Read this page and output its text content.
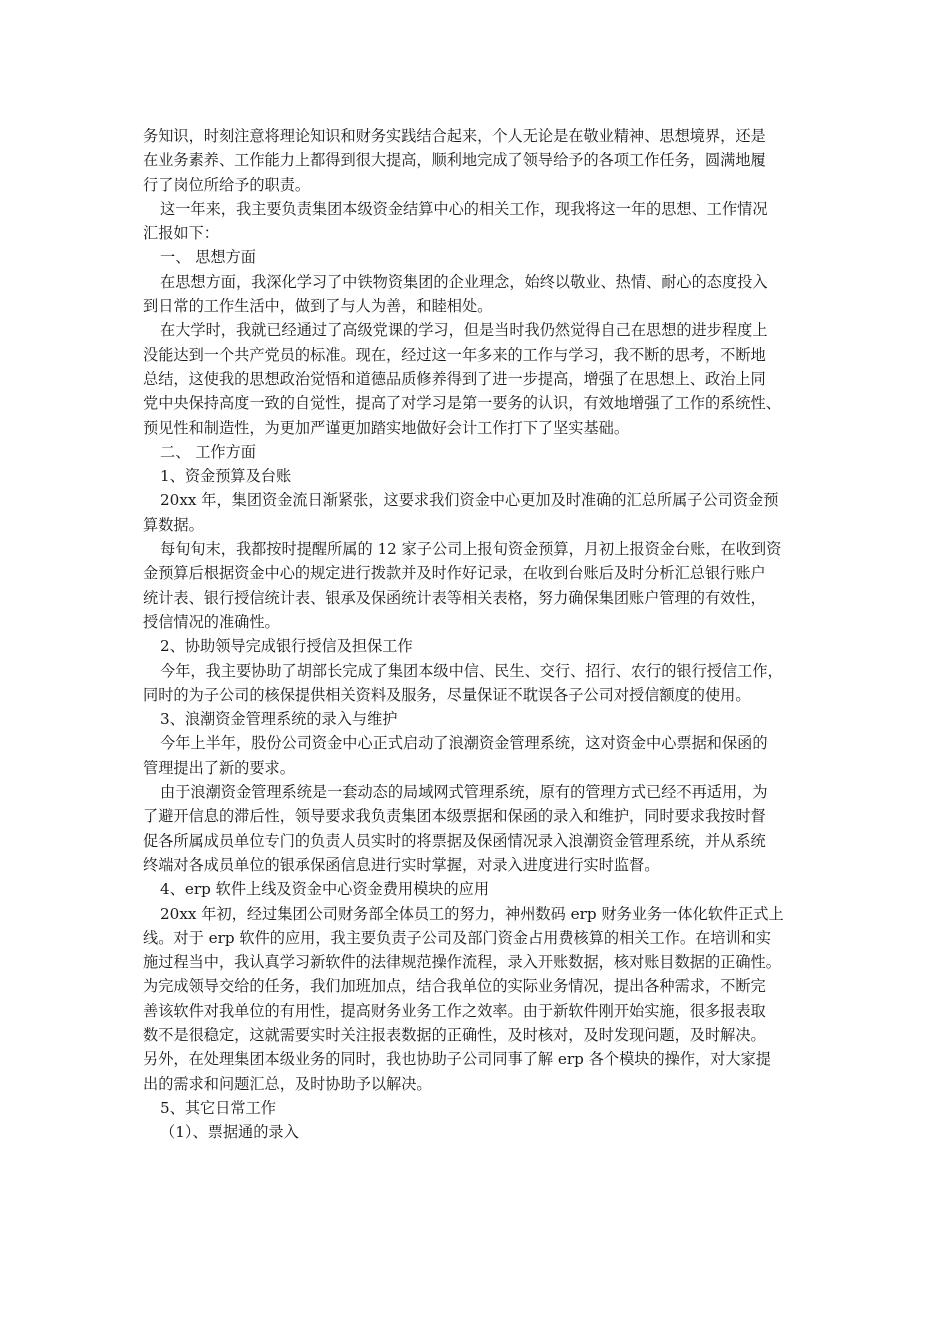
务知识，时刻注意将理论知识和财务实践结合起来，个人无论是在敬业精神、思想境界，还是
在业务素养、工作能力上都得到很大提高，顺利地完成了领导给予的各项工作任务，圆满地履
行了岗位所给予的职责。
这一年来，我主要负责集团本级资金结算中心的相关工作，现我将这一年的思想、工作情况
汇报如下：
一、 思想方面
在思想方面，我深化学习了中铁物资集团的企业理念，始终以敬业、热情、耐心的态度投入
到日常的工作生活中，做到了与人为善，和睦相处。
在大学时，我就已经通过了高级党课的学习，但是当时我仍然觉得自己在思想的进步程度上
没能达到一个共产党员的标准。现在，经过这一年多来的工作与学习，我不断的思考，不断地
总结，这使我的思想政治觉悟和道德品质修养得到了进一步提高，增强了在思想上、政治上同
党中央保持高度一致的自觉性，提高了对学习是第一要务的认识，有效地增强了工作的系统性、
预见性和制造性，为更加严谨更加踏实地做好会计工作打下了坚实基础。
二、 工作方面
1、资金预算及台账
20xx 年，集团资金流日渐紧张，这要求我们资金中心更加及时准确的汇总所属子公司资金预
算数据。
每旬旬末，我都按时提醒所属的 12 家子公司上报旬资金预算，月初上报资金台账，在收到资
金预算后根据资金中心的规定进行拨款并及时作好记录，在收到台账后及时分析汇总银行账户
统计表、银行授信统计表、银承及保函统计表等相关表格，努力确保集团账户管理的有效性，
授信情况的准确性。
2、协助领导完成银行授信及担保工作
今年，我主要协助了胡部长完成了集团本级中信、民生、交行、招行、农行的银行授信工作，
同时的为子公司的核保提供相关资料及服务，尽量保证不耽误各子公司对授信额度的使用。
3、浪潮资金管理系统的录入与维护
今年上半年，股份公司资金中心正式启动了浪潮资金管理系统，这对资金中心票据和保函的
管理提出了新的要求。
由于浪潮资金管理系统是一套动态的局域网式管理系统，原有的管理方式已经不再适用，为
了避开信息的滞后性，领导要求我负责集团本级票据和保函的录入和维护，同时要求我按时督
促各所属成员单位专门的负责人员实时的将票据及保函情况录入浪潮资金管理系统，并从系统
终端对各成员单位的银承保函信息进行实时掌握，对录入进度进行实时监督。
4、erp 软件上线及资金中心资金费用模块的应用
20xx 年初，经过集团公司财务部全体员工的努力，神州数码 erp 财务业务一体化软件正式上
线。对于 erp 软件的应用，我主要负责子公司及部门资金占用费核算的相关工作。在培训和实
施过程当中，我认真学习新软件的法律规范操作流程，录入开账数据，核对账目数据的正确性。
为完成领导交给的任务，我们加班加点，结合我单位的实际业务情况，提出各种需求，不断完
善该软件对我单位的有用性，提高财务业务工作之效率。由于新软件刚开始实施，很多报表取
数不是很稳定，这就需要实时关注报表数据的正确性，及时核对，及时发现问题，及时解决。
另外，在处理集团本级业务的同时，我也协助子公司同事了解 erp 各个模块的操作，对大家提
出的需求和问题汇总，及时协助予以解决。
5、其它日常工作
（1）、票据通的录入
